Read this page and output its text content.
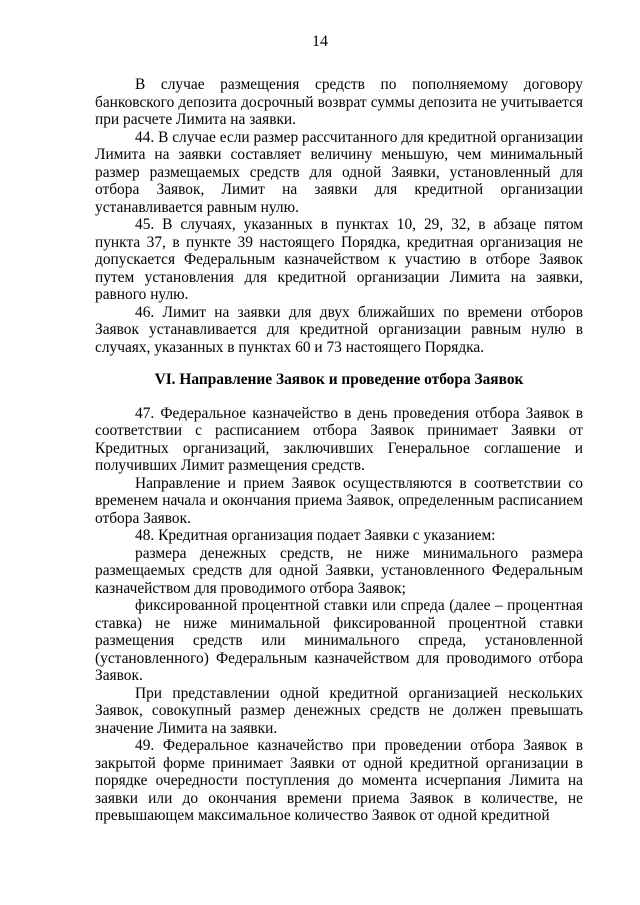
14

В случае размещения средств по пополняемому договору банковского депозита досрочный возврат суммы депозита не учитывается при расчете Лимита на заявки.

44. В случае если размер рассчитанного для кредитной организации Лимита на заявки составляет величину меньшую, чем минимальный размер размещаемых средств для одной Заявки, установленный для отбора Заявок, Лимит на заявки для кредитной организации устанавливается равным нулю.

45. В случаях, указанных в пунктах 10, 29, 32, в абзаце пятом пункта 37, в пункте 39 настоящего Порядка, кредитная организация не допускается Федеральным казначейством к участию в отборе Заявок путем установления для кредитной организации Лимита на заявки, равного нулю.

46. Лимит на заявки для двух ближайших по времени отборов Заявок устанавливается для кредитной организации равным нулю в случаях, указанных в пунктах 60 и 73 настоящего Порядка.

VI. Направление Заявок и проведение отбора Заявок

47. Федеральное казначейство в день проведения отбора Заявок в соответствии с расписанием отбора Заявок принимает Заявки от Кредитных организаций, заключивших Генеральное соглашение и получивших Лимит размещения средств.

Направление и прием Заявок осуществляются в соответствии со временем начала и окончания приема Заявок, определенным расписанием отбора Заявок.

48. Кредитная организация подает Заявки с указанием:

размера денежных средств, не ниже минимального размера размещаемых средств для одной Заявки, установленного Федеральным казначейством для проводимого отбора Заявок;

фиксированной процентной ставки или спреда (далее – процентная ставка) не ниже минимальной фиксированной процентной ставки размещения средств или минимального спреда, установленной (установленного) Федеральным казначейством для проводимого отбора Заявок.

При представлении одной кредитной организацией нескольких Заявок, совокупный размер денежных средств не должен превышать значение Лимита на заявки.

49. Федеральное казначейство при проведении отбора Заявок в закрытой форме принимает Заявки от одной кредитной организации в порядке очередности поступления до момента исчерпания Лимита на заявки или до окончания времени приема Заявок в количестве, не превышающем максимальное количество Заявок от одной кредитной
